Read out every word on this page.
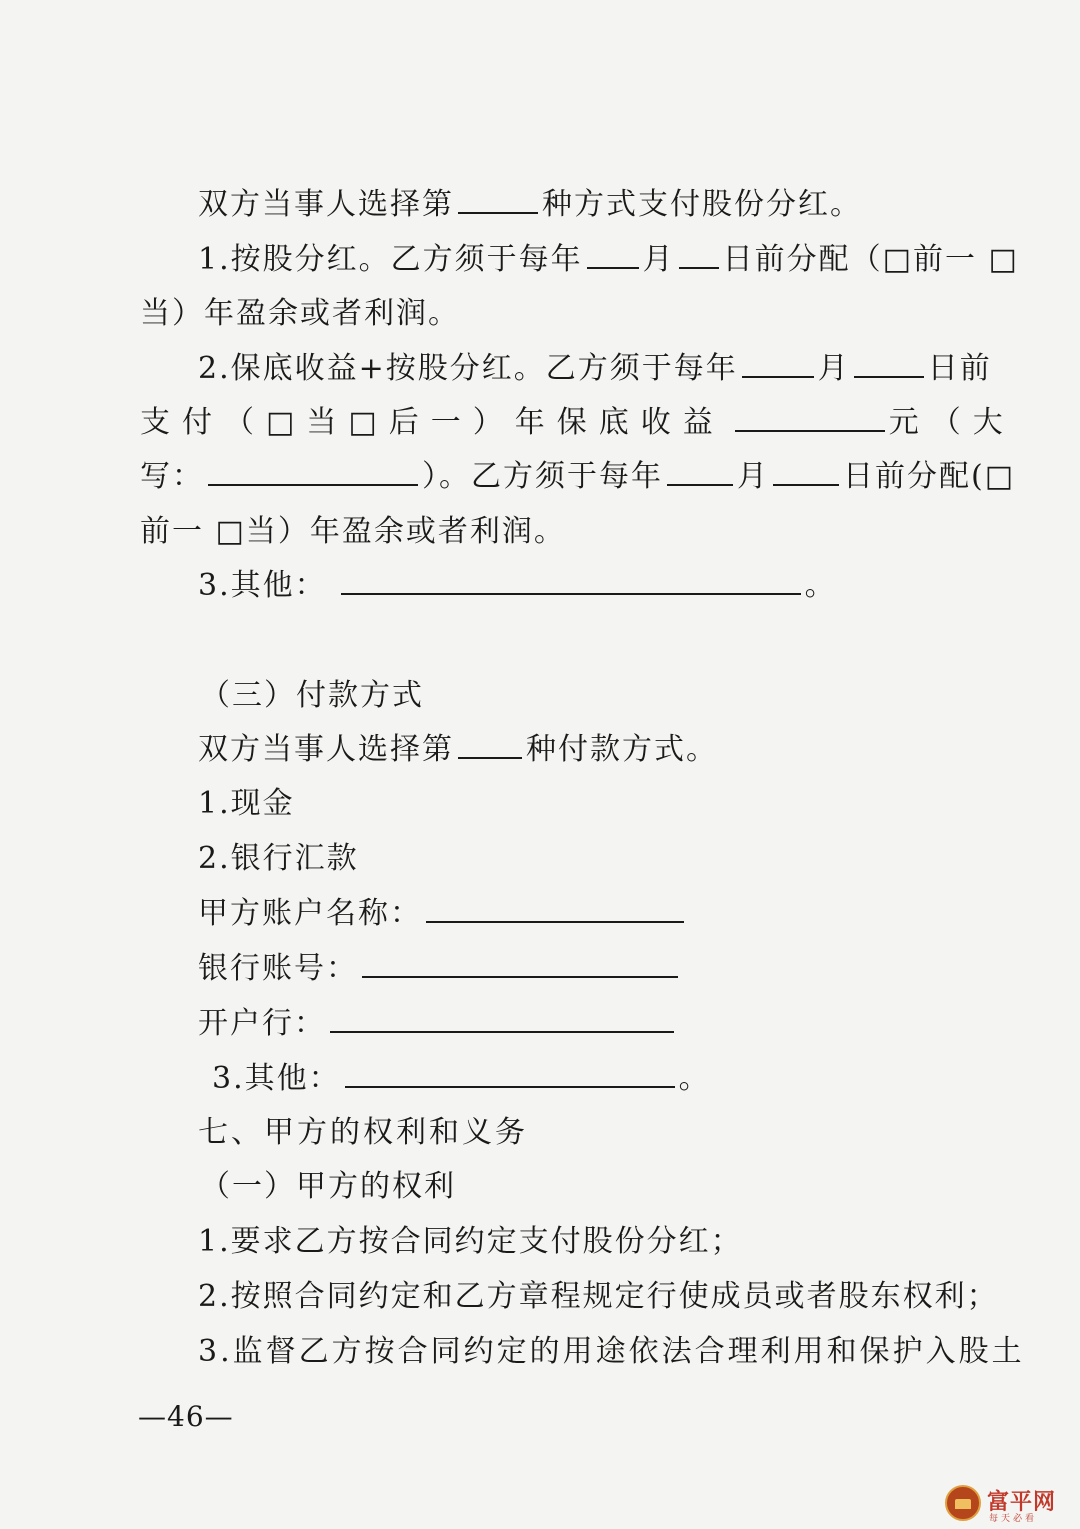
双方当事人选择第	种方式支付股份分红。
1.按股分红。乙方须于每年 月 日前分配（□前一 □
当）年盈余或者利润。
2.保底收益+按股分红。乙方须于每年	月	日前
支付（□当□后一）年保底收益	元（大
写：	）。乙方须于每年 月 日前分配(□
前一 □当）年盈余或者利润。
3.其他：	。
（三）付款方式
双方当事人选择第 种付款方式。
1.现金
2.银行汇款
甲方账户名称：
银行账号：
开户行：
3.其他：	。
七、甲方的权利和义务
（一）甲方的权利
1.要求乙方按合同约定支付股份分红；
2.按照合同约定和乙方章程规定行使成员或者股东权利；
3.监督乙方按合同约定的用途依法合理利用和保护入股土
—46—
富平网
每天必看
